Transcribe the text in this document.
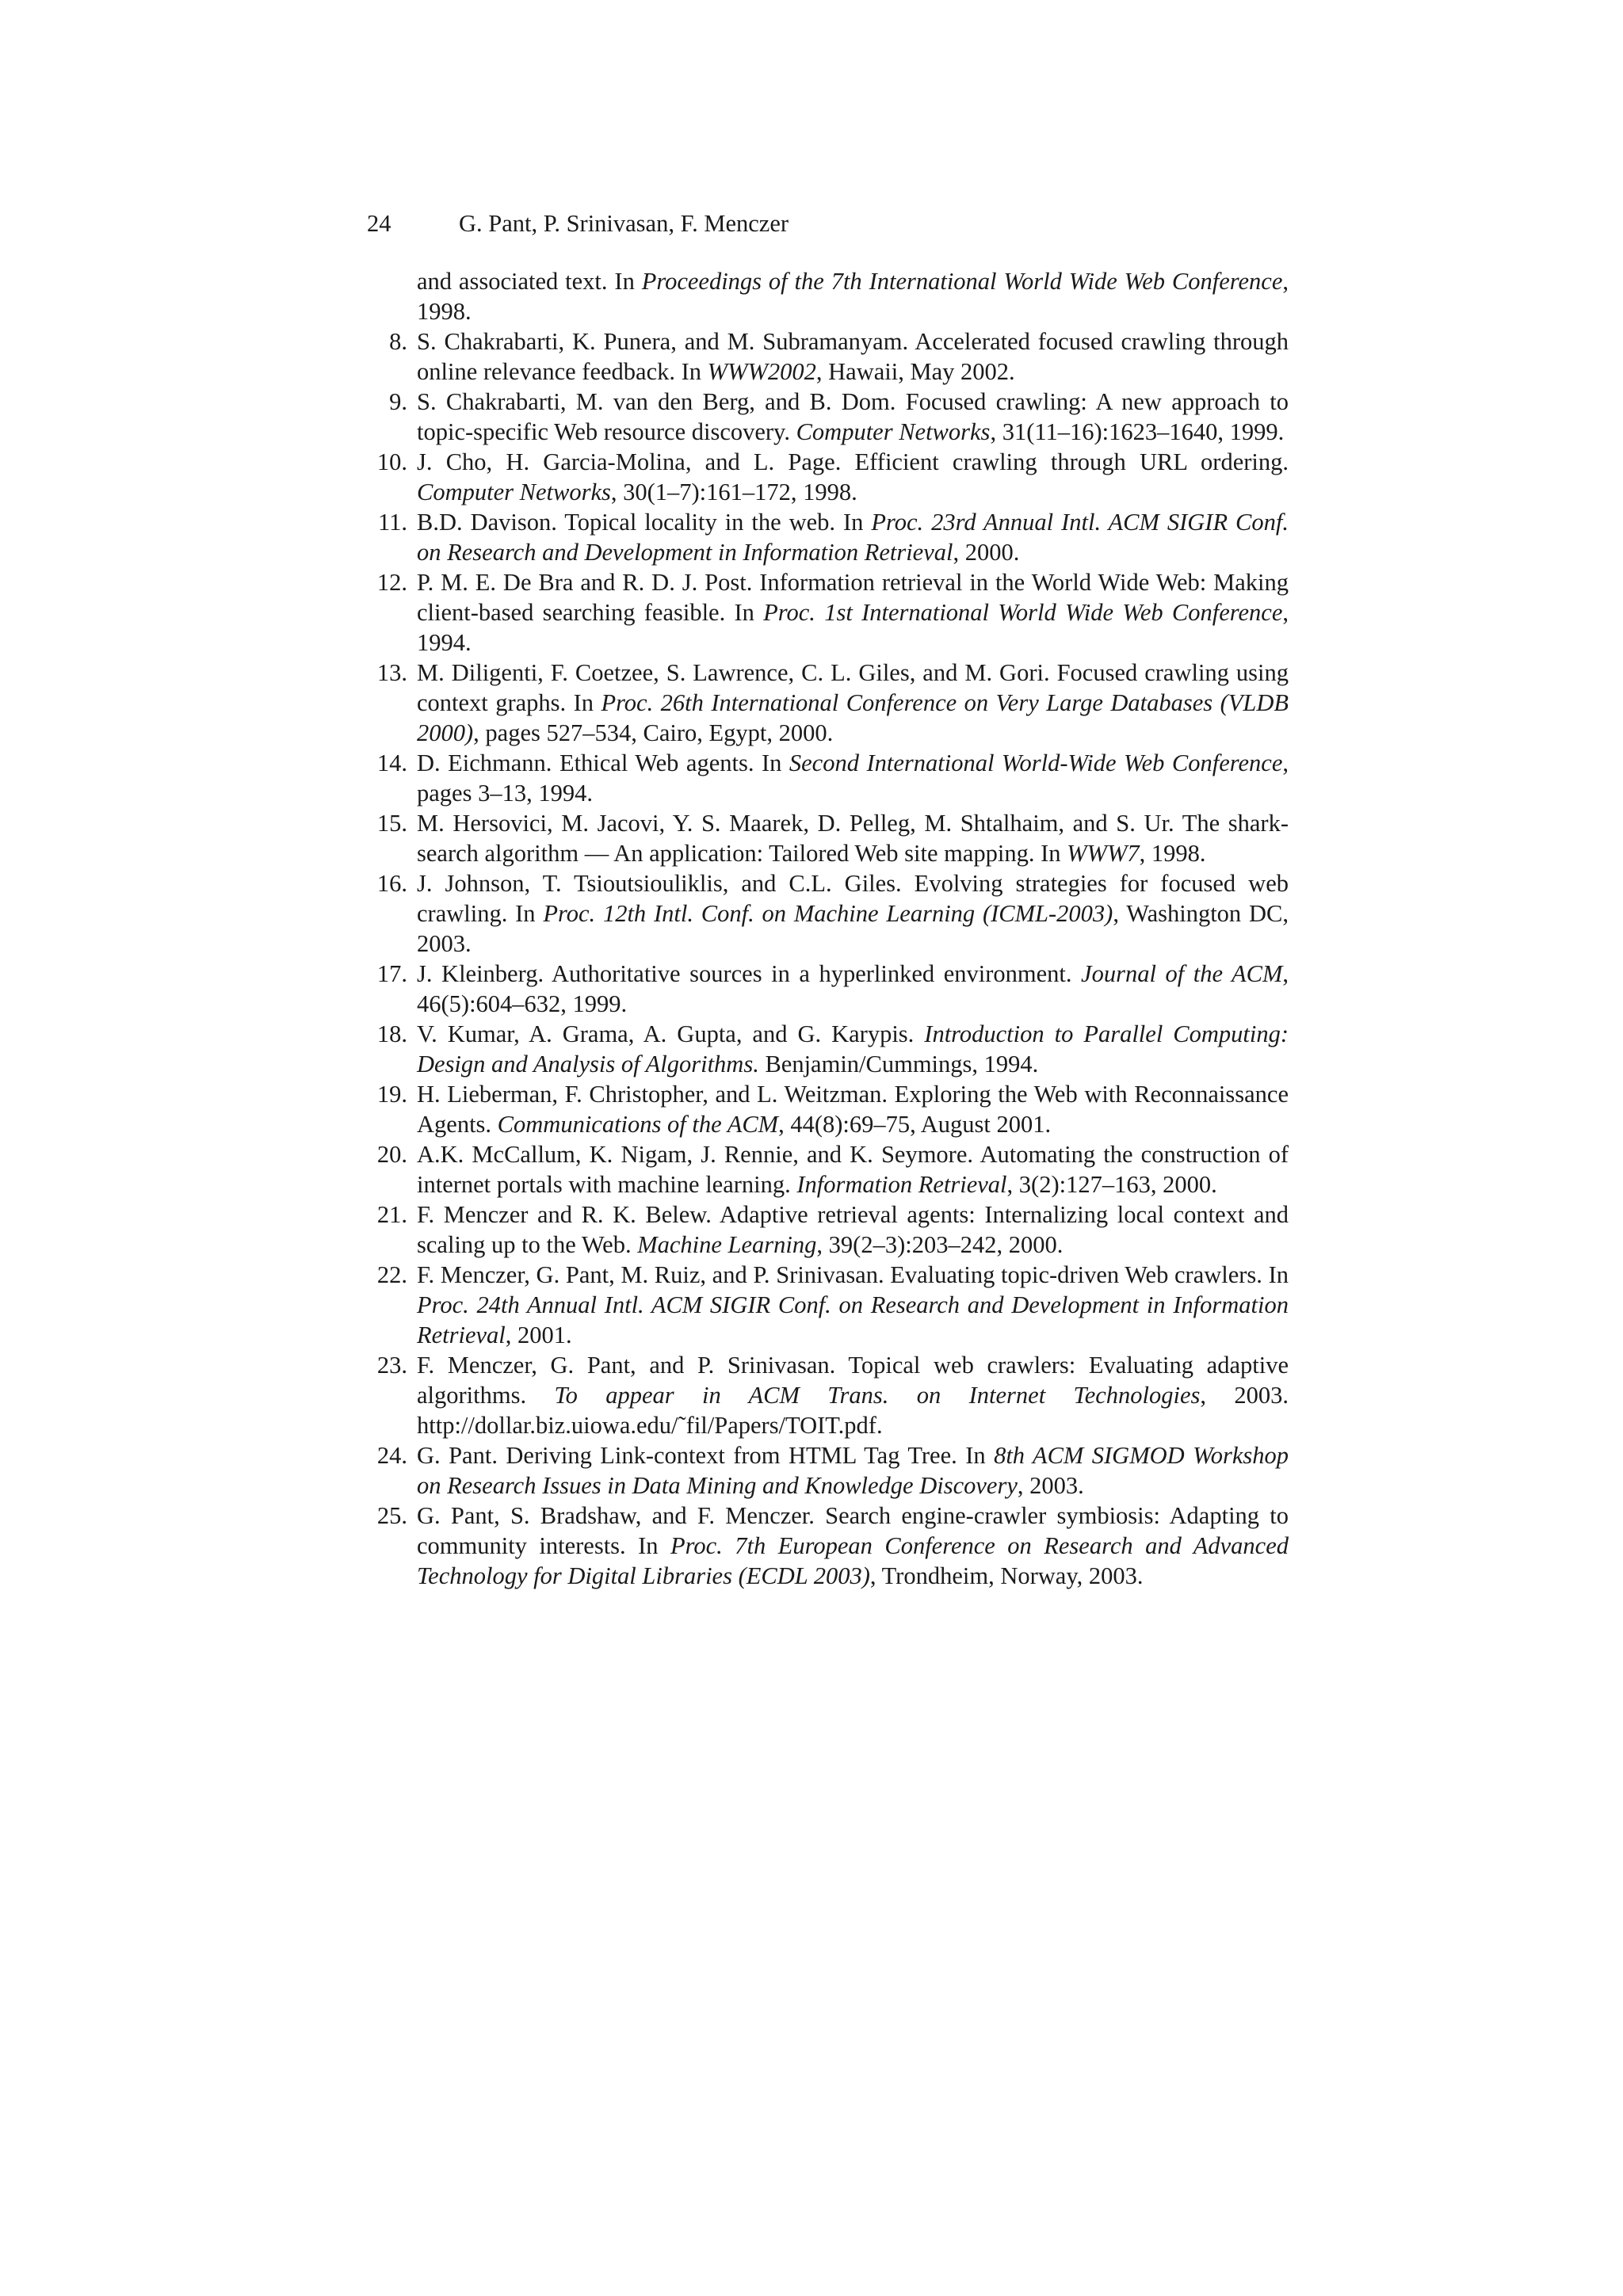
24	G. Pant, P. Srinivasan, F. Menczer
and associated text. In Proceedings of the 7th International World Wide Web Conference, 1998.
8. S. Chakrabarti, K. Punera, and M. Subramanyam. Accelerated focused crawling through online relevance feedback. In WWW2002, Hawaii, May 2002.
9. S. Chakrabarti, M. van den Berg, and B. Dom. Focused crawling: A new approach to topic-specific Web resource discovery. Computer Networks, 31(11–16):1623–1640, 1999.
10. J. Cho, H. Garcia-Molina, and L. Page. Efficient crawling through URL ordering. Computer Networks, 30(1–7):161–172, 1998.
11. B.D. Davison. Topical locality in the web. In Proc. 23rd Annual Intl. ACM SIGIR Conf. on Research and Development in Information Retrieval, 2000.
12. P. M. E. De Bra and R. D. J. Post. Information retrieval in the World Wide Web: Making client-based searching feasible. In Proc. 1st International World Wide Web Conference, 1994.
13. M. Diligenti, F. Coetzee, S. Lawrence, C. L. Giles, and M. Gori. Focused crawling using context graphs. In Proc. 26th International Conference on Very Large Databases (VLDB 2000), pages 527–534, Cairo, Egypt, 2000.
14. D. Eichmann. Ethical Web agents. In Second International World-Wide Web Conference, pages 3–13, 1994.
15. M. Hersovici, M. Jacovi, Y. S. Maarek, D. Pelleg, M. Shtalhaim, and S. Ur. The shark-search algorithm — An application: Tailored Web site mapping. In WWW7, 1998.
16. J. Johnson, T. Tsioutsiouliklis, and C.L. Giles. Evolving strategies for focused web crawling. In Proc. 12th Intl. Conf. on Machine Learning (ICML-2003), Washington DC, 2003.
17. J. Kleinberg. Authoritative sources in a hyperlinked environment. Journal of the ACM, 46(5):604–632, 1999.
18. V. Kumar, A. Grama, A. Gupta, and G. Karypis. Introduction to Parallel Computing: Design and Analysis of Algorithms. Benjamin/Cummings, 1994.
19. H. Lieberman, F. Christopher, and L. Weitzman. Exploring the Web with Reconnaissance Agents. Communications of the ACM, 44(8):69–75, August 2001.
20. A.K. McCallum, K. Nigam, J. Rennie, and K. Seymore. Automating the construction of internet portals with machine learning. Information Retrieval, 3(2):127–163, 2000.
21. F. Menczer and R. K. Belew. Adaptive retrieval agents: Internalizing local context and scaling up to the Web. Machine Learning, 39(2–3):203–242, 2000.
22. F. Menczer, G. Pant, M. Ruiz, and P. Srinivasan. Evaluating topic-driven Web crawlers. In Proc. 24th Annual Intl. ACM SIGIR Conf. on Research and Development in Information Retrieval, 2001.
23. F. Menczer, G. Pant, and P. Srinivasan. Topical web crawlers: Evaluating adaptive algorithms. To appear in ACM Trans. on Internet Technologies, 2003. http://dollar.biz.uiowa.edu/˜fil/Papers/TOIT.pdf.
24. G. Pant. Deriving Link-context from HTML Tag Tree. In 8th ACM SIGMOD Workshop on Research Issues in Data Mining and Knowledge Discovery, 2003.
25. G. Pant, S. Bradshaw, and F. Menczer. Search engine-crawler symbiosis: Adapting to community interests. In Proc. 7th European Conference on Research and Advanced Technology for Digital Libraries (ECDL 2003), Trondheim, Norway, 2003.
